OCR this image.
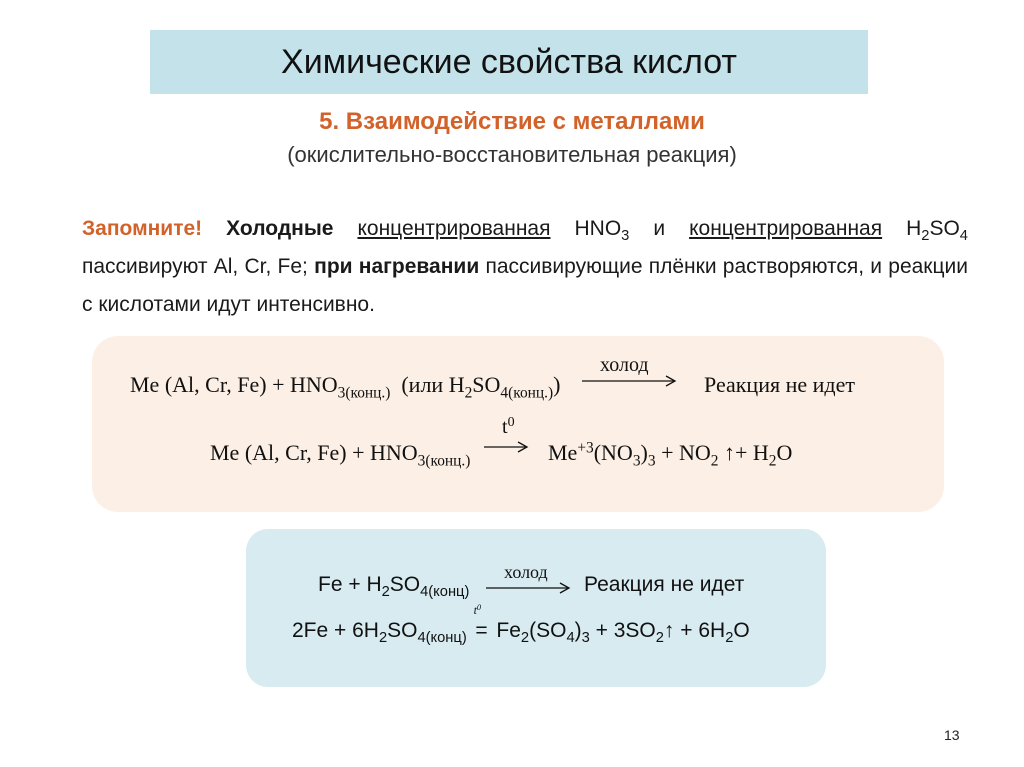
Химические свойства кислот
5. Взаимодействие с металлами
(окислительно-восстановительная реакция)
Запомните! Холодные концентрированная $HNO_3$ и концентрированная $H_2SO_4$
пассивируют Al, Cr, Fe; при нагревании пассивирующие плёнки растворяются, и реакции
с кислотами идут интенсивно.
Me (Al, Cr, $Fe) + HNO_{3(конц.)}$ (или $H_2SO_{4(конц.)}$)
холод
Реакция не идет
Me (Al, Cr, $Fe) + HNO_{3(конц.)}$
$t^0$
$Me^{+3}(NO_3)_3 + NO_2$ ↑+ $H_2O$
$Fe + H_2SO_{4(конц)}$
холод
Реакция не идет
$2Fe + 6H_2SO_{4(конц)}$
$t^0$
= $Fe_2(SO_4)_3$ + $3SO_2↑ + 6H_2O$
13
